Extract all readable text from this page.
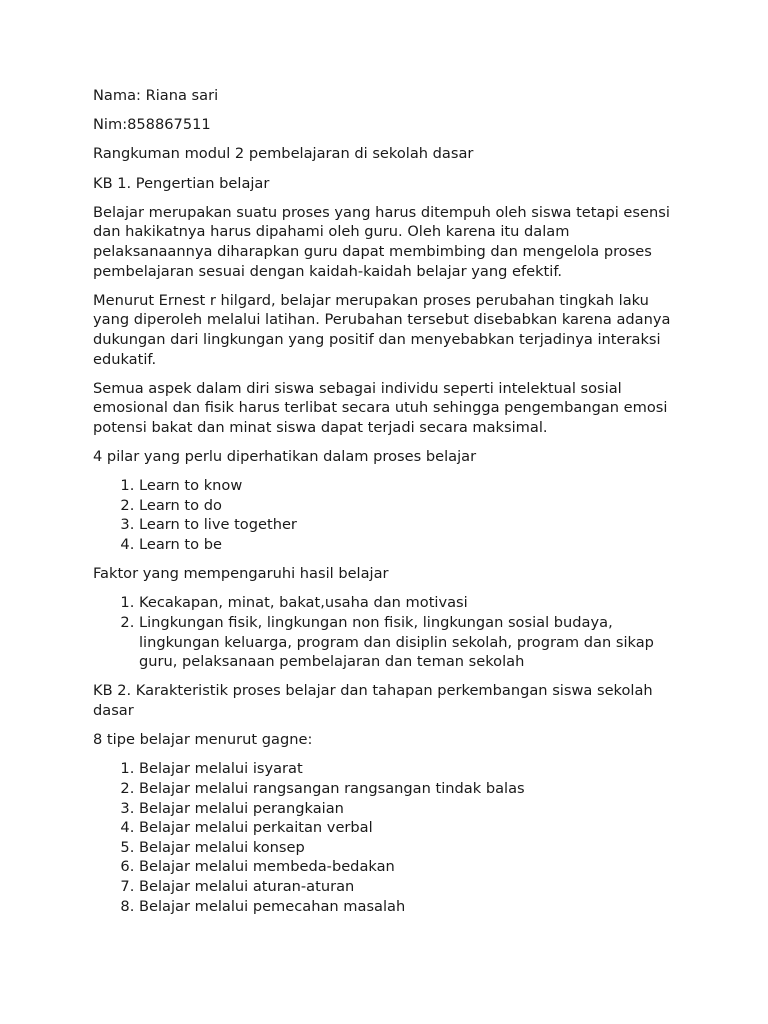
Nama: Riana sari

Nim:858867511

Rangkuman modul 2 pembelajaran di sekolah dasar

KB 1. Pengertian belajar

Belajar merupakan suatu proses yang harus ditempuh oleh siswa tetapi esensi dan hakikatnya harus dipahami oleh guru. Oleh karena itu dalam pelaksanaannya diharapkan guru dapat membimbing dan mengelola proses pembelajaran sesuai dengan kaidah-kaidah belajar yang efektif.

Menurut Ernest r hilgard, belajar merupakan proses perubahan tingkah laku yang diperoleh melalui latihan. Perubahan tersebut disebabkan karena adanya dukungan dari lingkungan yang positif dan menyebabkan terjadinya interaksi edukatif.

Semua aspek dalam diri siswa sebagai individu seperti intelektual sosial emosional dan fisik harus terlibat secara utuh sehingga pengembangan emosi potensi bakat dan minat siswa dapat terjadi secara maksimal.

4 pilar yang perlu diperhatikan dalam proses belajar

1. Learn to know
2. Learn to do
3. Learn to live together
4. Learn to be

Faktor yang mempengaruhi hasil belajar

1. Kecakapan, minat, bakat,usaha dan motivasi
2. Lingkungan fisik, lingkungan non fisik, lingkungan sosial budaya, lingkungan keluarga, program dan disiplin sekolah, program dan sikap guru, pelaksanaan pembelajaran dan teman sekolah

KB 2. Karakteristik proses belajar dan tahapan perkembangan siswa sekolah dasar

8 tipe belajar menurut gagne:

1. Belajar melalui isyarat
2. Belajar melalui rangsangan rangsangan tindak balas
3. Belajar melalui perangkaian
4. Belajar melalui perkaitan verbal
5. Belajar melalui konsep
6. Belajar melalui membeda-bedakan
7. Belajar melalui aturan-aturan
8. Belajar melalui pemecahan masalah
